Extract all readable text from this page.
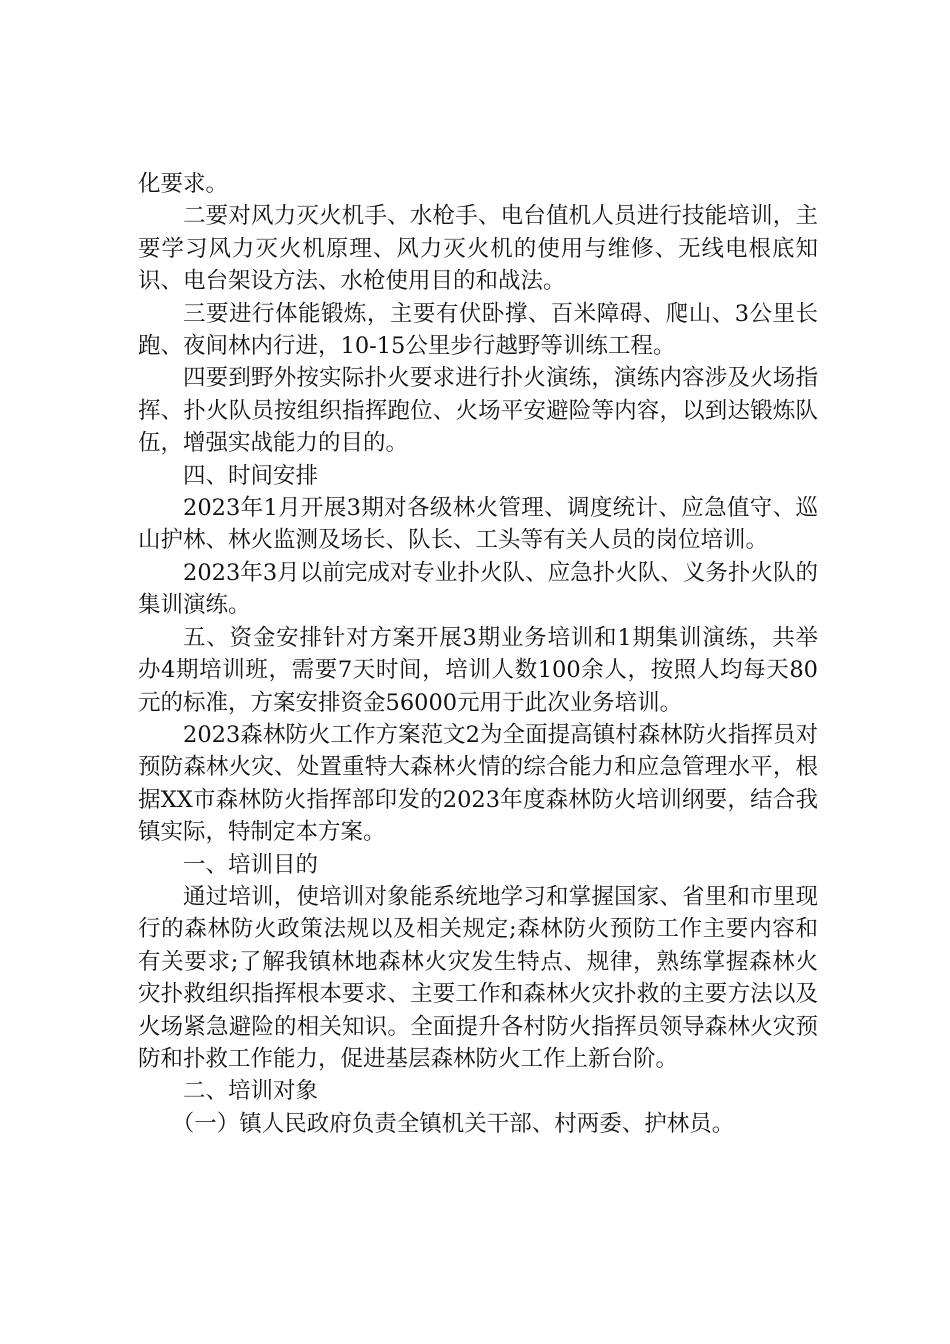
化要求。

二要对风力灭火机手、水枪手、电台值机人员进行技能培训，主要学习风力灭火机原理、风力灭火机的使用与维修、无线电根底知识、电台架设方法、水枪使用目的和战法。

三要进行体能锻炼，主要有伏卧撑、百米障碍、爬山、3公里长跑、夜间林内行进，10-15公里步行越野等训练工程。

四要到野外按实际扑火要求进行扑火演练，演练内容涉及火场指挥、扑火队员按组织指挥跑位、火场平安避险等内容，以到达锻炼队伍，增强实战能力的目的。

四、时间安排

2023年1月开展3期对各级林火管理、调度统计、应急值守、巡山护林、林火监测及场长、队长、工头等有关人员的岗位培训。

2023年3月以前完成对专业扑火队、应急扑火队、义务扑火队的集训演练。

五、资金安排针对方案开展3期业务培训和1期集训演练，共举办4期培训班，需要7天时间，培训人数100余人，按照人均每天80元的标准，方案安排资金56000元用于此次业务培训。

2023森林防火工作方案范文2为全面提高镇村森林防火指挥员对预防森林火灾、处置重特大森林火情的综合能力和应急管理水平，根据XX市森林防火指挥部印发的2023年度森林防火培训纲要，结合我镇实际，特制定本方案。

一、培训目的

通过培训，使培训对象能系统地学习和掌握国家、省里和市里现行的森林防火政策法规以及相关规定;森林防火预防工作主要内容和有关要求;了解我镇林地森林火灾发生特点、规律，熟练掌握森林火灾扑救组织指挥根本要求、主要工作和森林火灾扑救的主要方法以及火场紧急避险的相关知识。全面提升各村防火指挥员领导森林火灾预防和扑救工作能力，促进基层森林防火工作上新台阶。

二、培训对象

（一）镇人民政府负责全镇机关干部、村两委、护林员。
